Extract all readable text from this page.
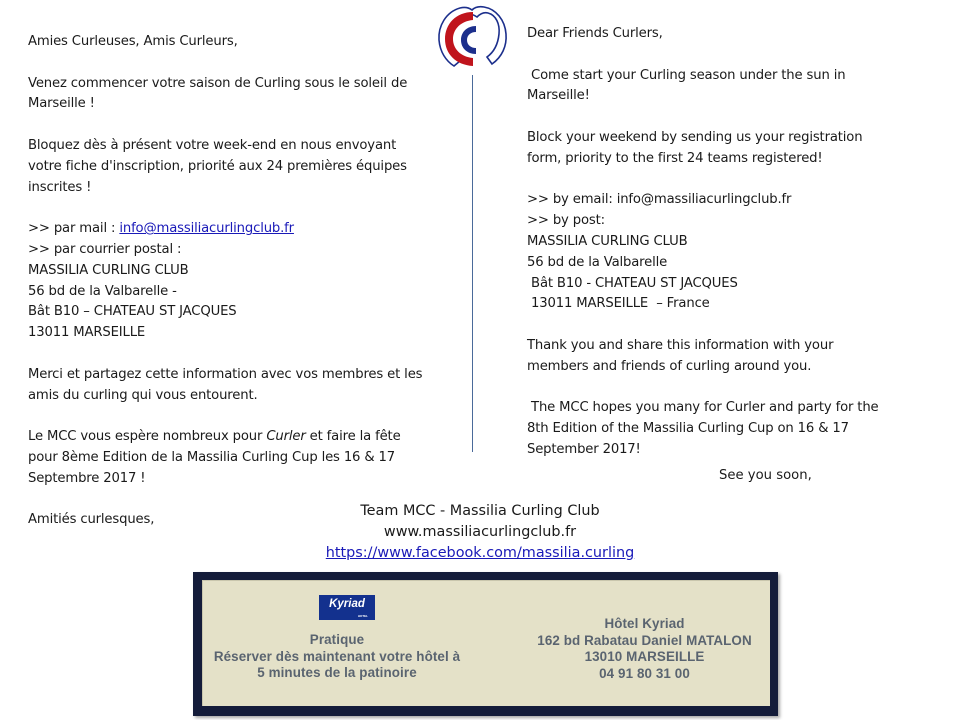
Amies Curleuses, Amis Curleurs,

Venez commencer votre saison de Curling sous le soleil de

Marseille !

Bloquez dès à présent votre week-end en nous envoyant

votre fiche d'inscription, priorité aux 24 premières équipes

inscrites !

>> par mail : info@massiliacurlingclub.fr

>> par courrier postal :

MASSILIA CURLING CLUB

56 bd de la Valbarelle -

Bât B10 – CHATEAU ST JACQUES

13011 MARSEILLE

Merci et partagez cette information avec vos membres et les

amis du curling qui vous entourent.

Le MCC vous espère nombreux pour Curler et faire la fête

pour 8ème Edition de la Massilia Curling Cup les 16 & 17

Septembre 2017 !

Amitiés curlesques,

Dear Friends Curlers,

Come start your Curling season under the sun in

Marseille!

Block your weekend by sending us your registration

form, priority to the first 24 teams registered!

>> by email: info@massiliacurlingclub.fr

>> by post:

MASSILIA CURLING CLUB

56 bd de la Valbarelle

Bât B10 - CHATEAU ST JACQUES

13011 MARSEILLE  – France

Thank you and share this information with your

members and friends of curling around you.

The MCC hopes you many for Curler and party for the

8th Edition of the Massilia Curling Cup on 16 & 17

September 2017!

See you soon,
Team MCC - Massilia Curling Club
www.massiliacurlingclub.fr
https://www.facebook.com/massilia.curling
Kyriad
HOTEL
Pratique
Réserver dès maintenant votre hôtel à
5 minutes de la patinoire
Hôtel Kyriad
162 bd Rabatau Daniel MATALON
13010 MARSEILLE
04 91 80 31 00
